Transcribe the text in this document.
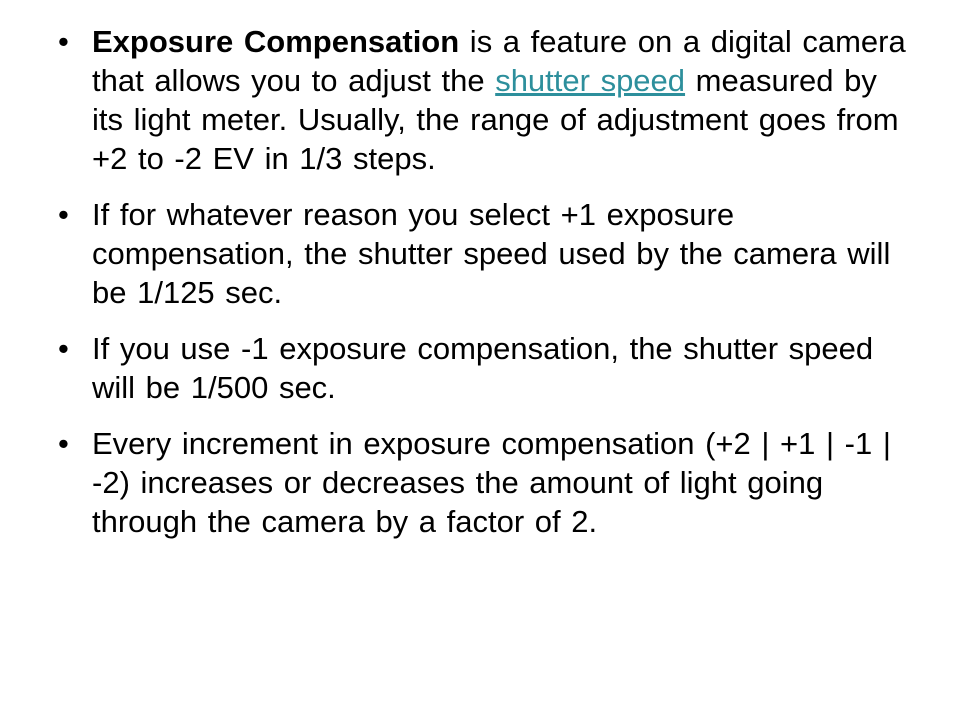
• Exposure Compensation is a feature on a digital camera that allows you to adjust the shutter speed measured by its light meter. Usually, the range of adjustment goes from +2 to -2 EV in 1/3 steps.
• If for whatever reason you select +1 exposure compensation, the shutter speed used by the camera will be 1/125 sec.
• If you use -1 exposure compensation, the shutter speed will be 1/500 sec.
• Every increment in exposure compensation (+2 | +1 | -1 | -2) increases or decreases the amount of light going through the camera by a factor of 2.
